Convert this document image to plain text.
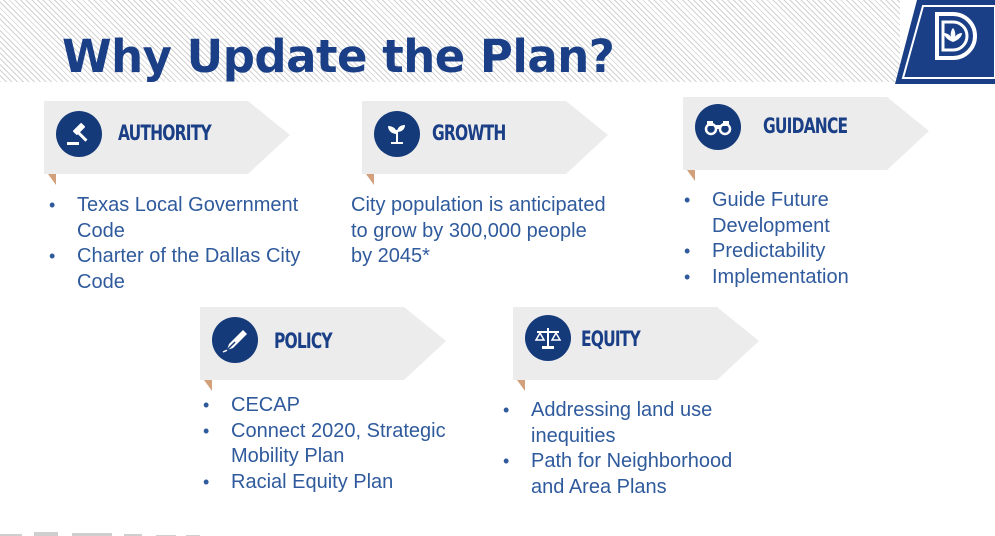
Why Update the Plan?
AUTHORITY	GROWTH	GUIDANCE
POLICY	EQUITY
• Texas Local Government Code
• Charter of the Dallas City Code

City population is anticipated to grow by 300,000 people by 2045*

• Guide Future Development
• Predictability
• Implementation
• CECAP
• Connect 2020, Strategic Mobility Plan
• Racial Equity Plan
• Addressing land use inequities
• Path for Neighborhood and Area Plans
